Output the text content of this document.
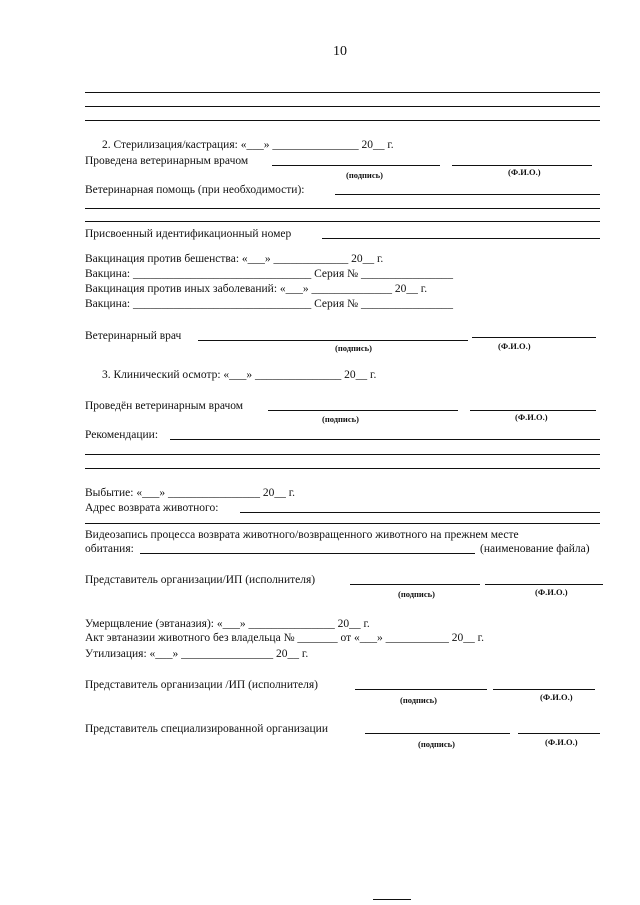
10
2. Стерилизация/кастрация: «___» _______________ 20__ г.
Проведена ветеринарным врачом
(подпись)	(Ф.И.О.)
Ветеринарная помощь (при необходимости):
Присвоенный идентификационный номер
Вакцинация против бешенства: «___» _____________ 20__ г.
Вакцина: _______________________________ Серия № ________________
Вакцинация против иных заболеваний: «___» ______________ 20__ г.
Вакцина: _______________________________ Серия № ________________
Ветеринарный врач
(подпись)	(Ф.И.О.)
3. Клинический осмотр: «___» _______________ 20__ г.
Проведён ветеринарным врачом
(подпись)	(Ф.И.О.)
Рекомендации:
Выбытие: «___» ________________ 20__ г.
Адрес возврата животного:
Видеозапись процесса возврата животного/возвращенного животного на прежнем месте
обитания:	(наименование файла)
Представитель организации/ИП (исполнителя)
(подпись)	(Ф.И.О.)
Умерщвление (эвтаназия): «___» _______________ 20__ г.
Акт эвтаназии животного без владельца № _______ от «___» ___________ 20__ г.
Утилизация: «___» ________________ 20__ г.
Представитель организации /ИП (исполнителя)
(подпись)	(Ф.И.О.)
Представитель специализированной организации
(подпись)	(Ф.И.О.)
